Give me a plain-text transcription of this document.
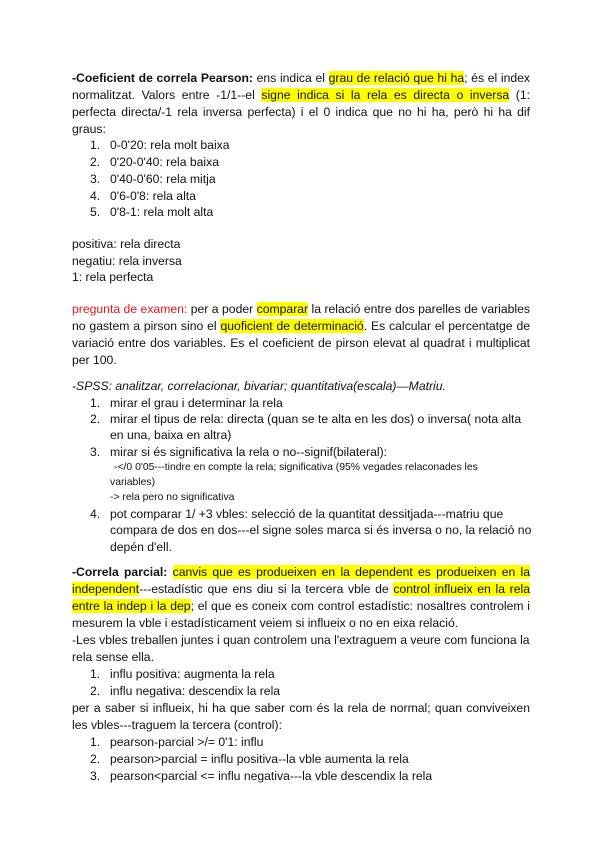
-Coeficient de correla Pearson: ens indica el grau de relació que hi ha; és el index
normalitzat. Valors entre -1/1--el signe indica si la rela es directa o inversa (1:
perfecta directa/-1 rela inversa perfecta) i el 0 indica que no hi ha, però hi ha dif
graus:
1. 0-0'20: rela molt baixa
2. 0'20-0'40: rela baixa
3. 0'40-0'60: rela mitja
4. 0'6-0'8: rela alta
5. 0'8-1: rela molt alta
positiva: rela directa
negatiu: rela inversa
1: rela perfecta
pregunta de examen: per a poder comparar la relació entre dos parelles de variables
no gastem a pirson sino el quoficient de determinació. Es calcular el percentatge de
variació entre dos variables. Es el coeficient de pirson elevat al quadrat i multiplicat
per 100.
-SPSS: analitzar, correlacionar, bivariar; quantitativa(escala)—Matriu.
1. mirar el grau i determinar la rela
2. mirar el tipus de rela: directa (quan se te alta en les dos) o inversa( nota alta
en una, baixa en altra)
3. mirar si és significativa la rela o no--signif(bilateral):
-</0 0'05---tindre en compte la rela; significativa (95% vegades relaconades les
variables)
-> rela pero no significativa
4. pot comparar 1/ +3 vbles: selecció de la quantitat dessitjada---matriu que
compara de dos en dos---el signe soles marca si és inversa o no, la relació no
depén d'ell.
-Correla parcial: canvis que es produeixen en la dependent es produeixen en la
independent---estadístic que ens diu si la tercera vble de control influeix en la rela
entre la indep i la dep; el que es coneix com control estadístic: nosaltres controlem i
mesurem la vble i estadísticament veiem si influeix o no en eixa relació.
-Les vbles treballen juntes i quan controlem una l'extraguem a veure com funciona la
rela sense ella.
1. influ positiva: augmenta la rela
2. influ negativa: descendix la rela
per a saber si influeix, hi ha que saber com és la rela de normal; quan conviveixen
les vbles---traguem la tercera (control):
1. pearson-parcial >/= 0'1: influ
2. pearson>parcial = influ positiva--la vble aumenta la rela
3. pearson<parcial <= influ negativa---la vble descendix la rela
